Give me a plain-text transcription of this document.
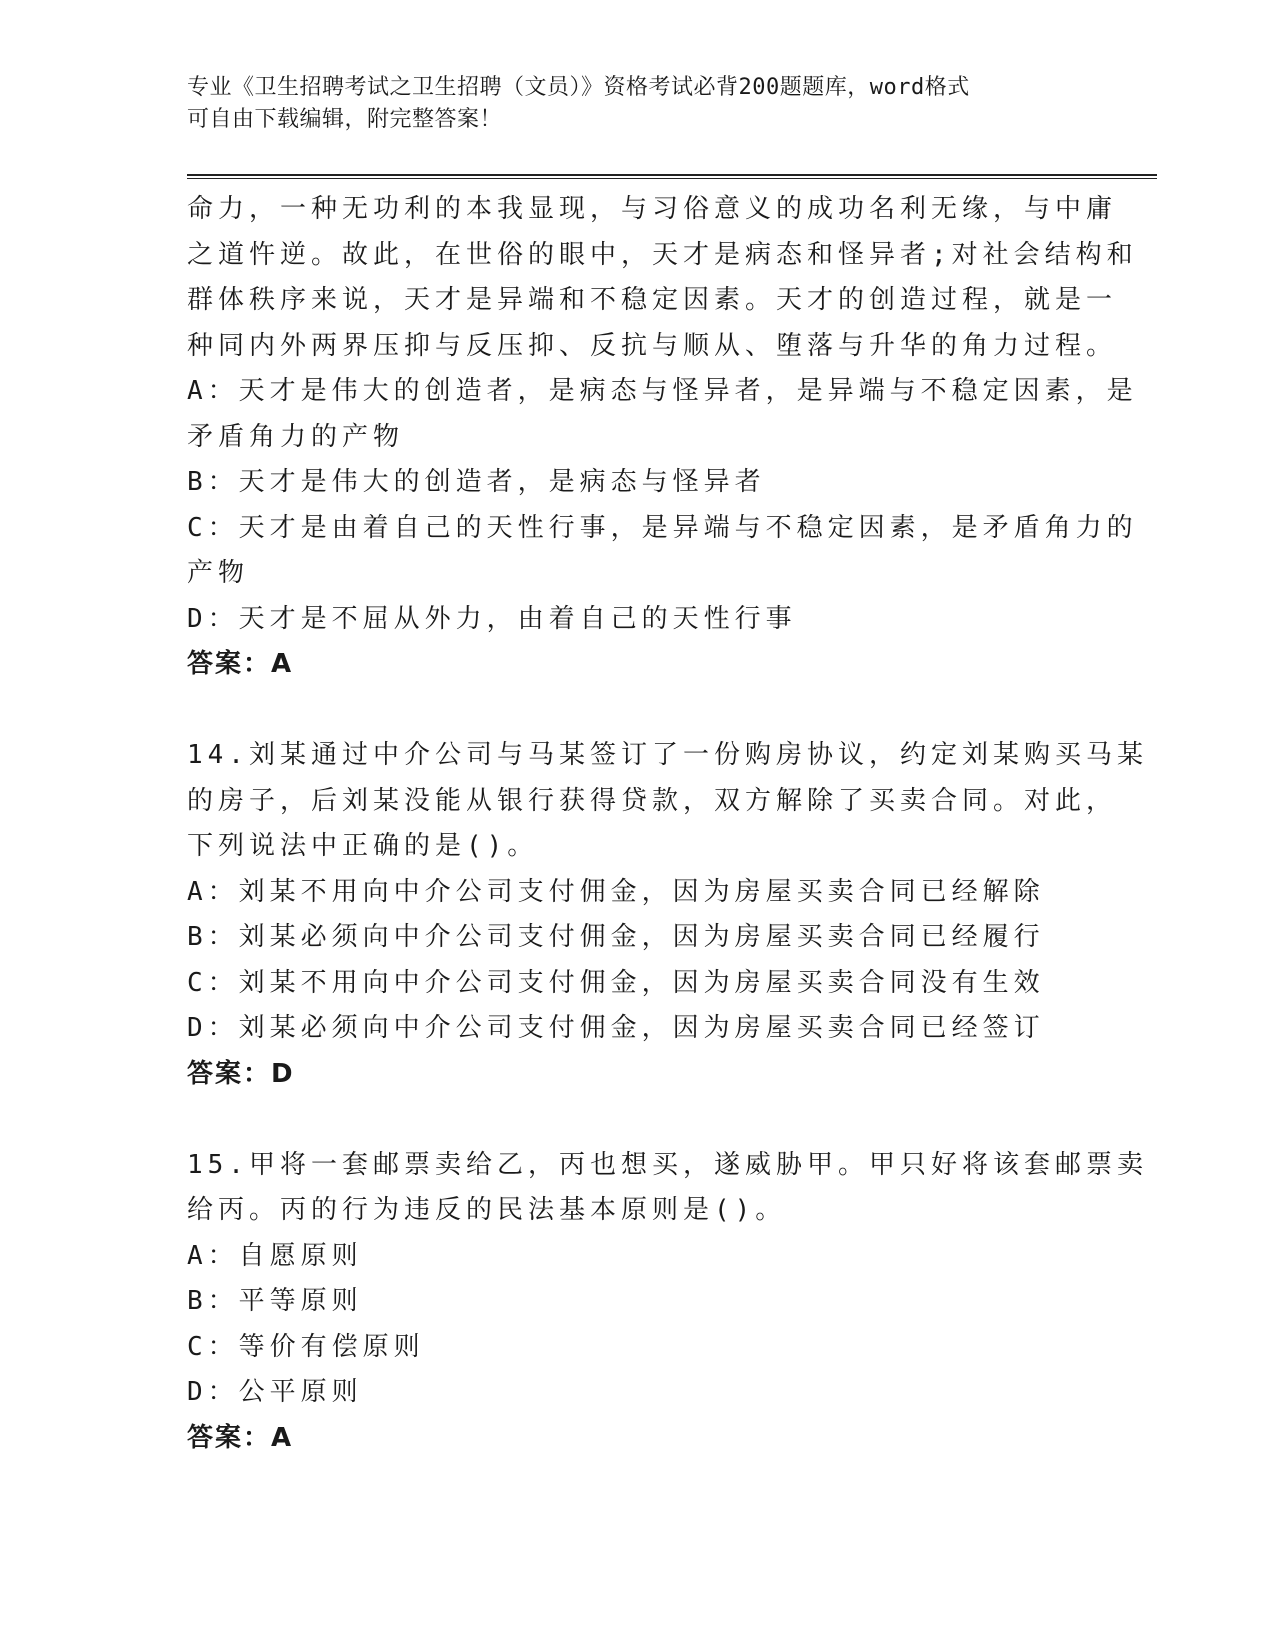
专业《卫生招聘考试之卫生招聘（文员）》资格考试必背200题题库，word格式
可自由下载编辑，附完整答案！
命力，一种无功利的本我显现，与习俗意义的成功名利无缘，与中庸
之道忤逆。故此，在世俗的眼中，天才是病态和怪异者;对社会结构和
群体秩序来说，天才是异端和不稳定因素。天才的创造过程，就是一
种同内外两界压抑与反压抑、反抗与顺从、堕落与升华的角力过程。
A：天才是伟大的创造者，是病态与怪异者，是异端与不稳定因素，是
矛盾角力的产物
B：天才是伟大的创造者，是病态与怪异者
C：天才是由着自己的天性行事，是异端与不稳定因素，是矛盾角力的
产物
D：天才是不屈从外力，由着自己的天性行事
答案：A
14.刘某通过中介公司与马某签订了一份购房协议，约定刘某购买马某
的房子，后刘某没能从银行获得贷款，双方解除了买卖合同。对此，
下列说法中正确的是()。
A：刘某不用向中介公司支付佣金，因为房屋买卖合同已经解除
B：刘某必须向中介公司支付佣金，因为房屋买卖合同已经履行
C：刘某不用向中介公司支付佣金，因为房屋买卖合同没有生效
D：刘某必须向中介公司支付佣金，因为房屋买卖合同已经签订
答案：D
15.甲将一套邮票卖给乙，丙也想买，遂威胁甲。甲只好将该套邮票卖
给丙。丙的行为违反的民法基本原则是()。
A：自愿原则
B：平等原则
C：等价有偿原则
D：公平原则
答案：A
